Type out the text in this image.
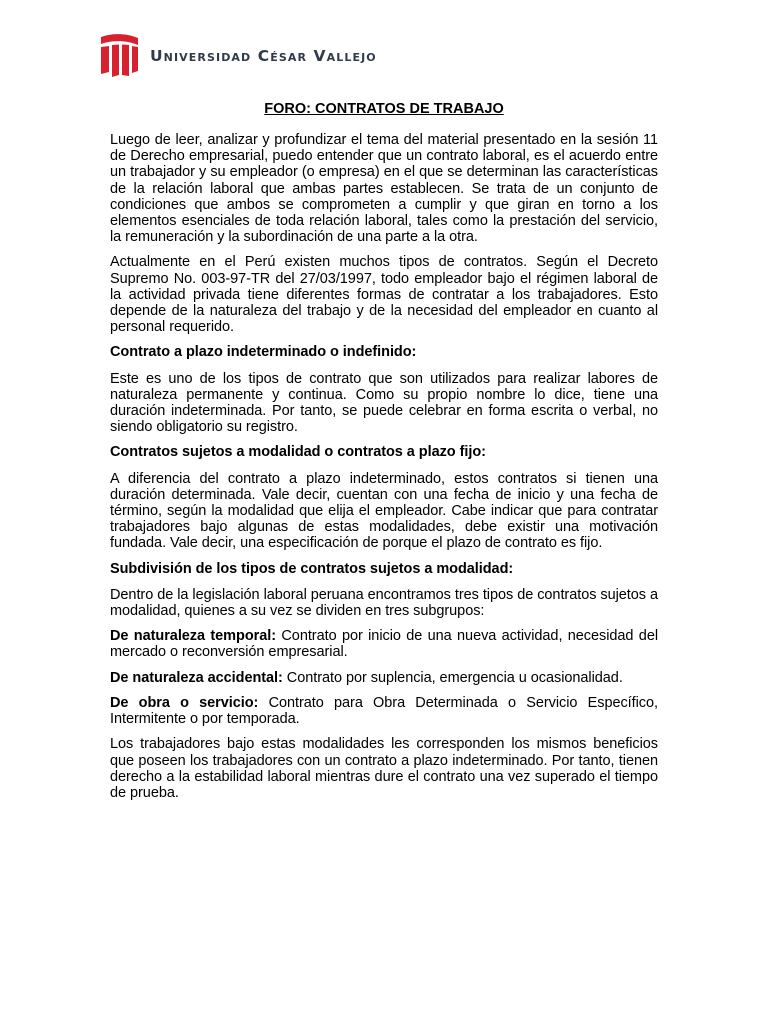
Universidad César Vallejo
FORO: CONTRATOS DE TRABAJO

Luego de leer, analizar y profundizar el tema del material presentado en la sesión 11 de Derecho empresarial, puedo entender que un contrato laboral, es el acuerdo entre un trabajador y su empleador (o empresa) en el que se determinan las características de la relación laboral que ambas partes establecen. Se trata de un conjunto de condiciones que ambos se comprometen a cumplir y que giran en torno a los elementos esenciales de toda relación laboral, tales como la prestación del servicio, la remuneración y la subordinación de una parte a la otra.

Actualmente en el Perú existen muchos tipos de contratos. Según el Decreto Supremo No. 003-97-TR del 27/03/1997, todo empleador bajo el régimen laboral de la actividad privada tiene diferentes formas de contratar a los trabajadores. Esto depende de la naturaleza del trabajo y de la necesidad del empleador en cuanto al personal requerido.

Contrato a plazo indeterminado o indefinido:

Este es uno de los tipos de contrato que son utilizados para realizar labores de naturaleza permanente y continua. Como su propio nombre lo dice, tiene una duración indeterminada. Por tanto, se puede celebrar en forma escrita o verbal, no siendo obligatorio su registro.

Contratos sujetos a modalidad o contratos a plazo fijo:

A diferencia del contrato a plazo indeterminado, estos contratos si tienen una duración determinada. Vale decir, cuentan con una fecha de inicio y una fecha de término, según la modalidad que elija el empleador. Cabe indicar que para contratar trabajadores bajo algunas de estas modalidades, debe existir una motivación fundada. Vale decir, una especificación de porque el plazo de contrato es fijo.

Subdivisión de los tipos de contratos sujetos a modalidad:

Dentro de la legislación laboral peruana encontramos tres tipos de contratos sujetos a modalidad, quienes a su vez se dividen en tres subgrupos:

De naturaleza temporal: Contrato por inicio de una nueva actividad, necesidad del mercado o reconversión empresarial.

De naturaleza accidental: Contrato por suplencia, emergencia u ocasionalidad.

De obra o servicio: Contrato para Obra Determinada o Servicio Específico, Intermitente o por temporada.

Los trabajadores bajo estas modalidades les corresponden los mismos beneficios que poseen los trabajadores con un contrato a plazo indeterminado. Por tanto, tienen derecho a la estabilidad laboral mientras dure el contrato una vez superado el tiempo de prueba.
